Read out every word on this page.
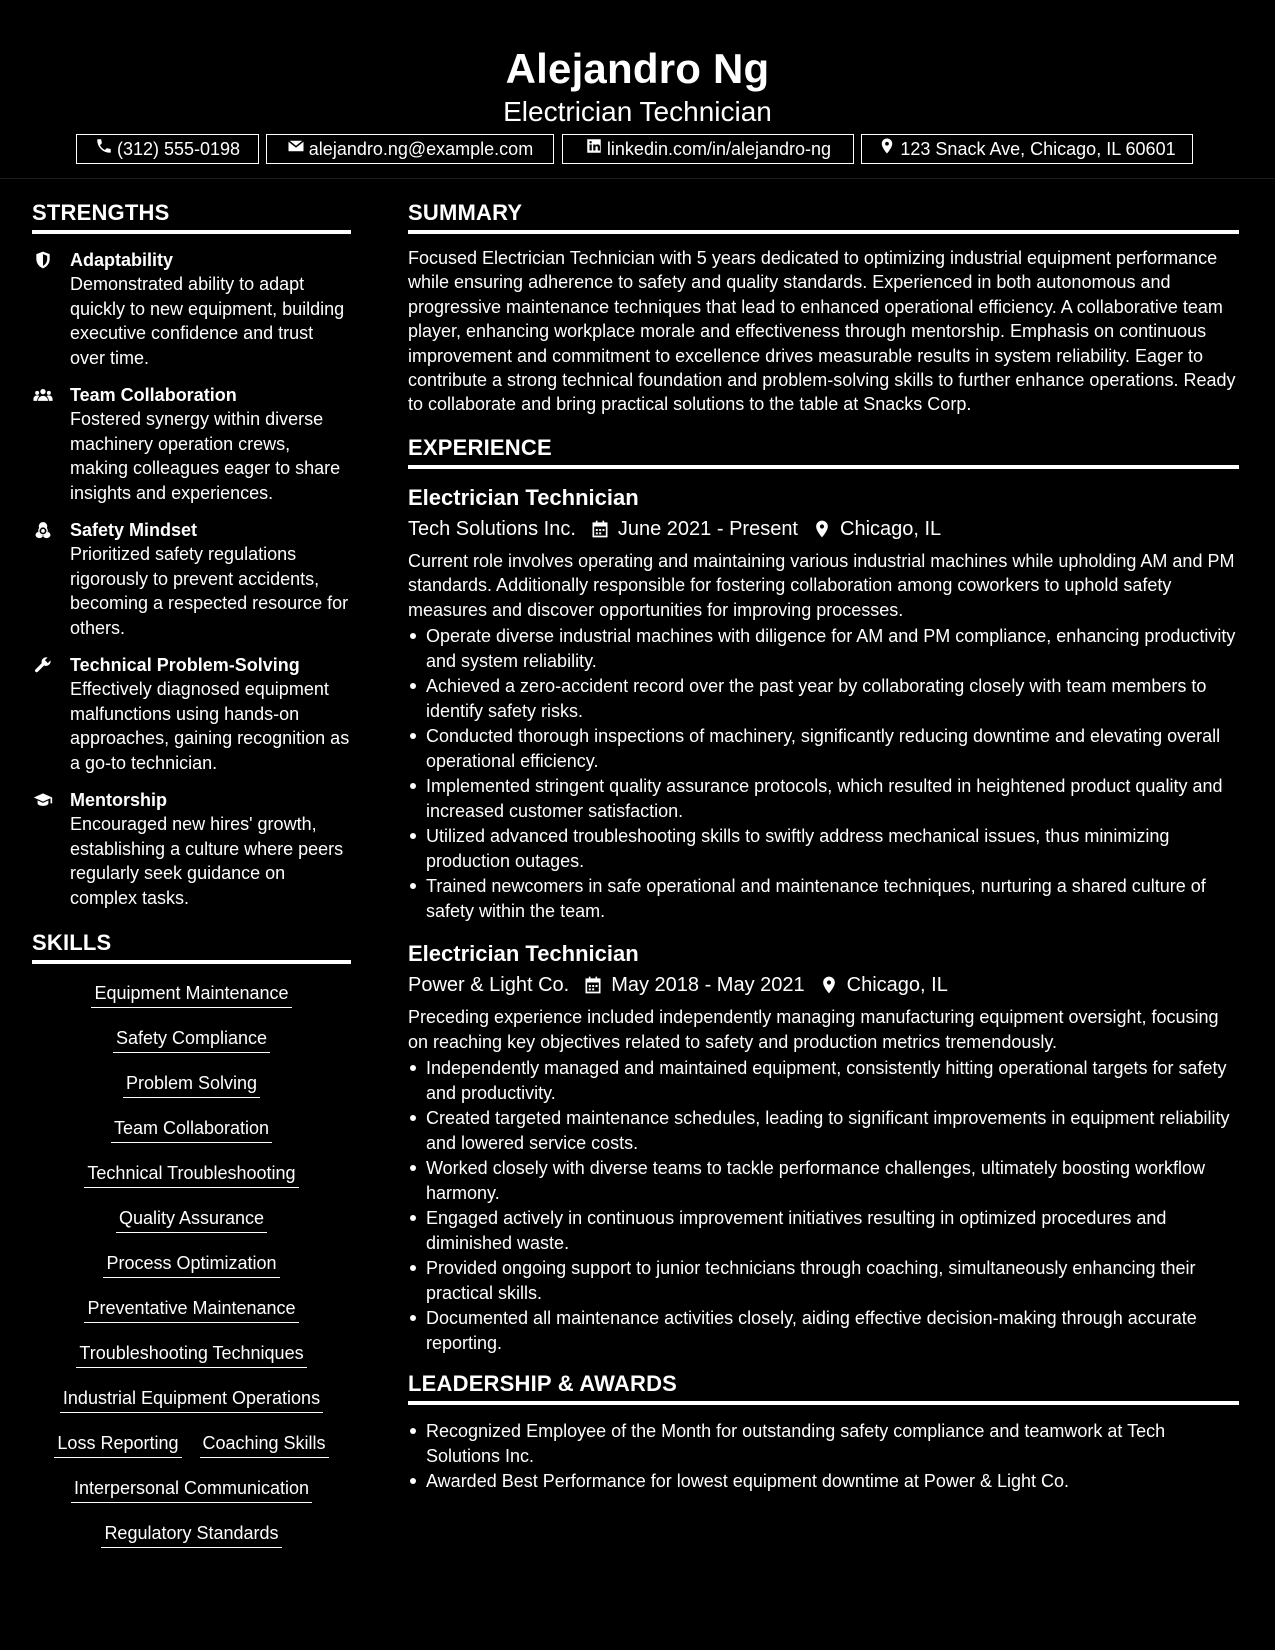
Alejandro Ng
Electrician Technician
(312) 555-0198	alejandro.ng@example.com	linkedin.com/in/alejandro-ng	123 Snack Ave, Chicago, IL 60601
STRENGTHS
Adaptability
Demonstrated ability to adapt quickly to new equipment, building executive confidence and trust over time.
Team Collaboration
Fostered synergy within diverse machinery operation crews, making colleagues eager to share insights and experiences.
Safety Mindset
Prioritized safety regulations rigorously to prevent accidents, becoming a respected resource for others.
Technical Problem-Solving
Effectively diagnosed equipment malfunctions using hands-on approaches, gaining recognition as a go-to technician.
Mentorship
Encouraged new hires' growth, establishing a culture where peers regularly seek guidance on complex tasks.
SKILLS
Equipment Maintenance
Safety Compliance
Problem Solving
Team Collaboration
Technical Troubleshooting
Quality Assurance
Process Optimization
Preventative Maintenance
Troubleshooting Techniques
Industrial Equipment Operations
Loss Reporting Coaching Skills
Interpersonal Communication
Regulatory Standards
SUMMARY
Focused Electrician Technician with 5 years dedicated to optimizing industrial equipment performance while ensuring adherence to safety and quality standards. Experienced in both autonomous and progressive maintenance techniques that lead to enhanced operational efficiency. A collaborative team player, enhancing workplace morale and effectiveness through mentorship. Emphasis on continuous improvement and commitment to excellence drives measurable results in system reliability. Eager to contribute a strong technical foundation and problem-solving skills to further enhance operations. Ready to collaborate and bring practical solutions to the table at Snacks Corp.
EXPERIENCE
Electrician Technician
Tech Solutions Inc. June 2021 - Present Chicago, IL
Current role involves operating and maintaining various industrial machines while upholding AM and PM standards. Additionally responsible for fostering collaboration among coworkers to uphold safety measures and discover opportunities for improving processes.
Operate diverse industrial machines with diligence for AM and PM compliance, enhancing productivity and system reliability.
Achieved a zero-accident record over the past year by collaborating closely with team members to identify safety risks.
Conducted thorough inspections of machinery, significantly reducing downtime and elevating overall operational efficiency.
Implemented stringent quality assurance protocols, which resulted in heightened product quality and increased customer satisfaction.
Utilized advanced troubleshooting skills to swiftly address mechanical issues, thus minimizing production outages.
Trained newcomers in safe operational and maintenance techniques, nurturing a shared culture of safety within the team.
Electrician Technician
Power & Light Co. May 2018 - May 2021 Chicago, IL
Preceding experience included independently managing manufacturing equipment oversight, focusing on reaching key objectives related to safety and production metrics tremendously.
Independently managed and maintained equipment, consistently hitting operational targets for safety and productivity.
Created targeted maintenance schedules, leading to significant improvements in equipment reliability and lowered service costs.
Worked closely with diverse teams to tackle performance challenges, ultimately boosting workflow harmony.
Engaged actively in continuous improvement initiatives resulting in optimized procedures and diminished waste.
Provided ongoing support to junior technicians through coaching, simultaneously enhancing their practical skills.
Documented all maintenance activities closely, aiding effective decision-making through accurate reporting.
LEADERSHIP & AWARDS
Recognized Employee of the Month for outstanding safety compliance and teamwork at Tech Solutions Inc.
Awarded Best Performance for lowest equipment downtime at Power & Light Co.
